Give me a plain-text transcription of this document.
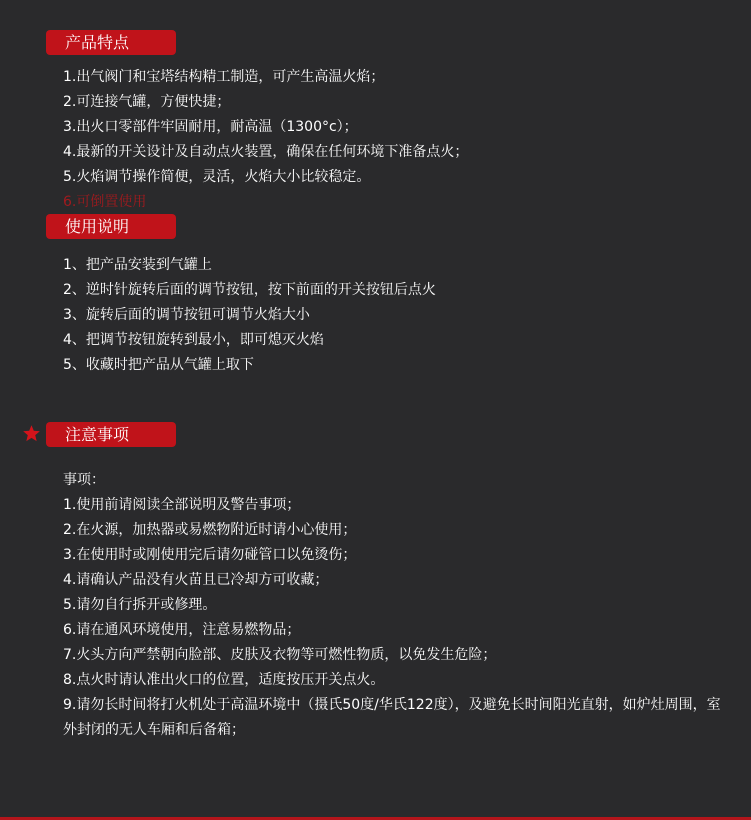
产品特点
1.出气阀门和宝塔结构精工制造，可产生高温火焰；
2.可连接气罐，方便快捷；
3.出火口零部件牢固耐用，耐高温（1300°c）；
4.最新的开关设计及自动点火装置，确保在任何环境下准备点火；
5.火焰调节操作简便，灵活，火焰大小比较稳定。
6.可倒置使用
使用说明
1、把产品安装到气罐上
2、逆时针旋转后面的调节按钮，按下前面的开关按钮后点火
3、旋转后面的调节按钮可调节火焰大小
4、把调节按钮旋转到最小，即可熄灭火焰
5、收藏时把产品从气罐上取下
注意事项
事项：
1.使用前请阅读全部说明及警告事项；
2.在火源，加热器或易燃物附近时请小心使用；
3.在使用时或刚使用完后请勿碰管口以免烫伤；
4.请确认产品没有火苗且已冷却方可收藏；
5.请勿自行拆开或修理。
6.请在通风环境使用，注意易燃物品；
7.火头方向严禁朝向脸部、皮肤及衣物等可燃性物质，以免发生危险；
8.点火时请认准出火口的位置，适度按压开关点火。
9.请勿长时间将打火机处于高温环境中（摄氏50度/华氏122度），及避免长时间阳光直射，如炉灶周围，室外封闭的无人车厢和后备箱；
